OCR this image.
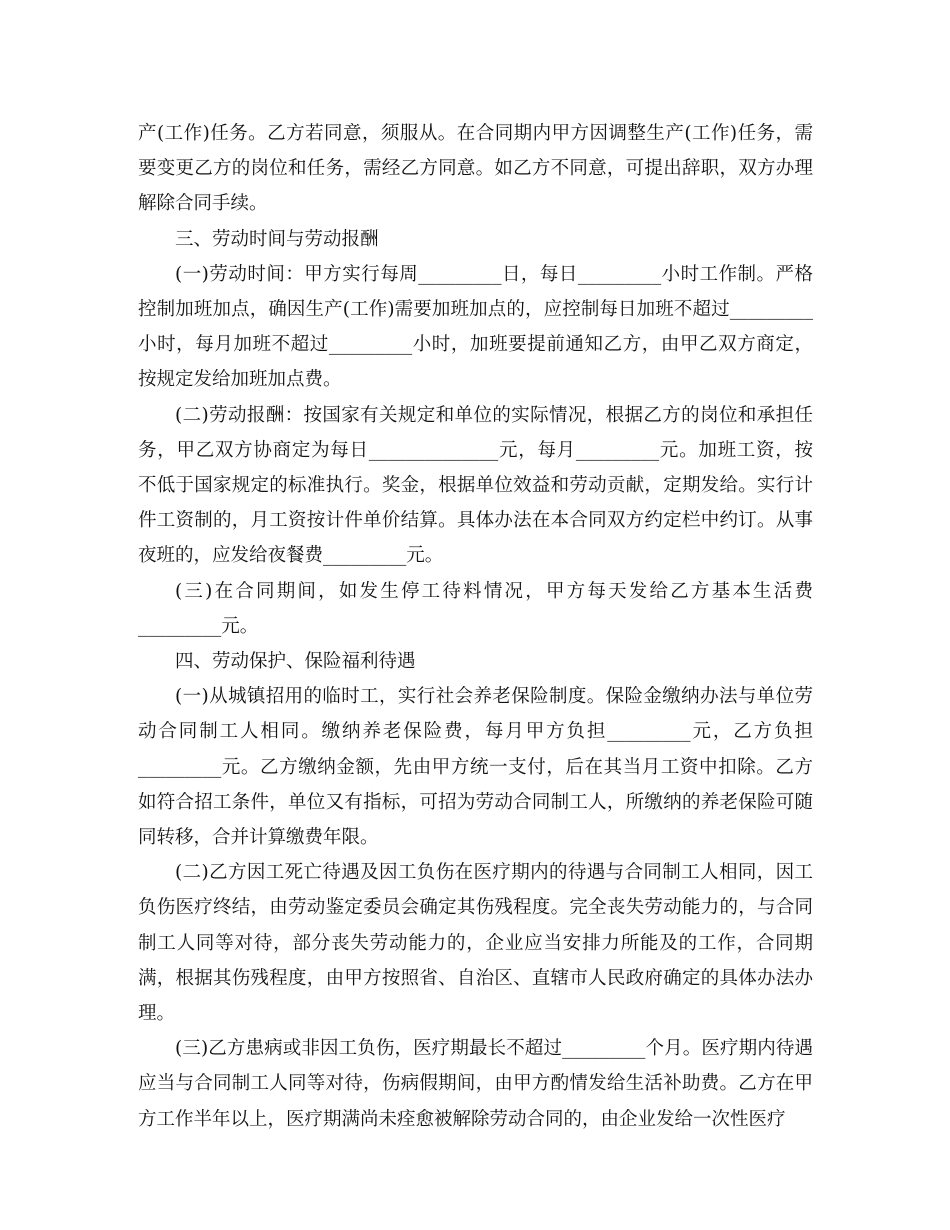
产(工作)任务。乙方若同意，须服从。在合同期内甲方因调整生产(工作)任务，需要变更乙方的岗位和任务，需经乙方同意。如乙方不同意，可提出辞职，双方办理解除合同手续。

三、劳动时间与劳动报酬

(一)劳动时间：甲方实行每周_________日，每日_________小时工作制。严格控制加班加点，确因生产(工作)需要加班加点的，应控制每日加班不超过_________小时，每月加班不超过_________小时，加班要提前通知乙方，由甲乙双方商定，按规定发给加班加点费。

(二)劳动报酬：按国家有关规定和单位的实际情况，根据乙方的岗位和承担任务，甲乙双方协商定为每日______________元，每月_________元。加班工资，按不低于国家规定的标准执行。奖金，根据单位效益和劳动贡献，定期发给。实行计件工资制的，月工资按计件单价结算。具体办法在本合同双方约定栏中约订。从事夜班的，应发给夜餐费_________元。

(三)在合同期间，如发生停工待料情况，甲方每天发给乙方基本生活费_________元。

四、劳动保护、保险福利待遇

(一)从城镇招用的临时工，实行社会养老保险制度。保险金缴纳办法与单位劳动合同制工人相同。缴纳养老保险费，每月甲方负担_________元，乙方负担_________元。乙方缴纳金额，先由甲方统一支付，后在其当月工资中扣除。乙方如符合招工条件，单位又有指标，可招为劳动合同制工人，所缴纳的养老保险可随同转移，合并计算缴费年限。

(二)乙方因工死亡待遇及因工负伤在医疗期内的待遇与合同制工人相同，因工负伤医疗终结，由劳动鉴定委员会确定其伤残程度。完全丧失劳动能力的，与合同制工人同等对待，部分丧失劳动能力的，企业应当安排力所能及的工作，合同期满，根据其伤残程度，由甲方按照省、自治区、直辖市人民政府确定的具体办法办理。

(三)乙方患病或非因工负伤，医疗期最长不超过_________个月。医疗期内待遇应当与合同制工人同等对待，伤病假期间，由甲方酌情发给生活补助费。乙方在甲方工作半年以上，医疗期满尚未痊愈被解除劳动合同的，由企业发给一次性医疗
